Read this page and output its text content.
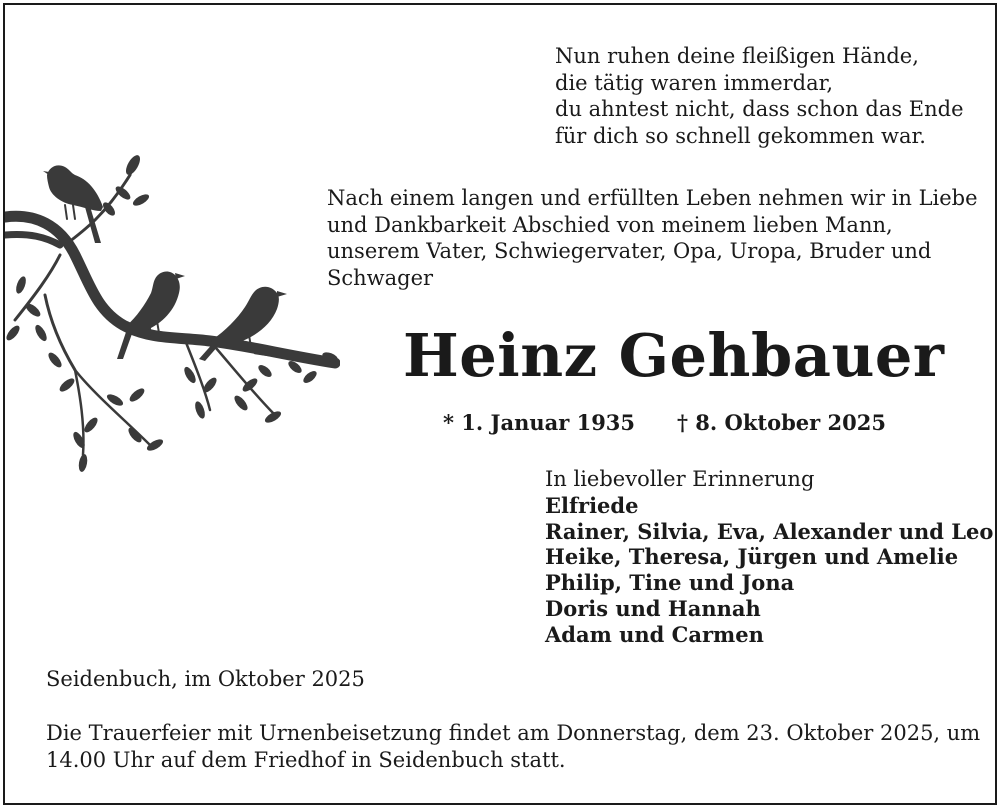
Nun ruhen deine fleißigen Hände,
die tätig waren immerdar,
du ahntest nicht, dass schon das Ende
für dich so schnell gekommen war.
Nach einem langen und erfüllten Leben nehmen wir in Liebe
und Dankbarkeit Abschied von meinem lieben Mann,
unserem Vater, Schwiegervater, Opa, Uropa, Bruder und
Schwager
Heinz Gehbauer
* 1. Januar 1935 † 8. Oktober 2025
In liebevoller Erinnerung
Elfriede
Rainer, Silvia, Eva, Alexander und Leo
Heike, Theresa, Jürgen und Amelie
Philip, Tine und Jona
Doris und Hannah
Adam und Carmen
Seidenbuch, im Oktober 2025
Die Trauerfeier mit Urnenbeisetzung findet am Donnerstag, dem 23. Oktober 2025, um
14.00 Uhr auf dem Friedhof in Seidenbuch statt.
